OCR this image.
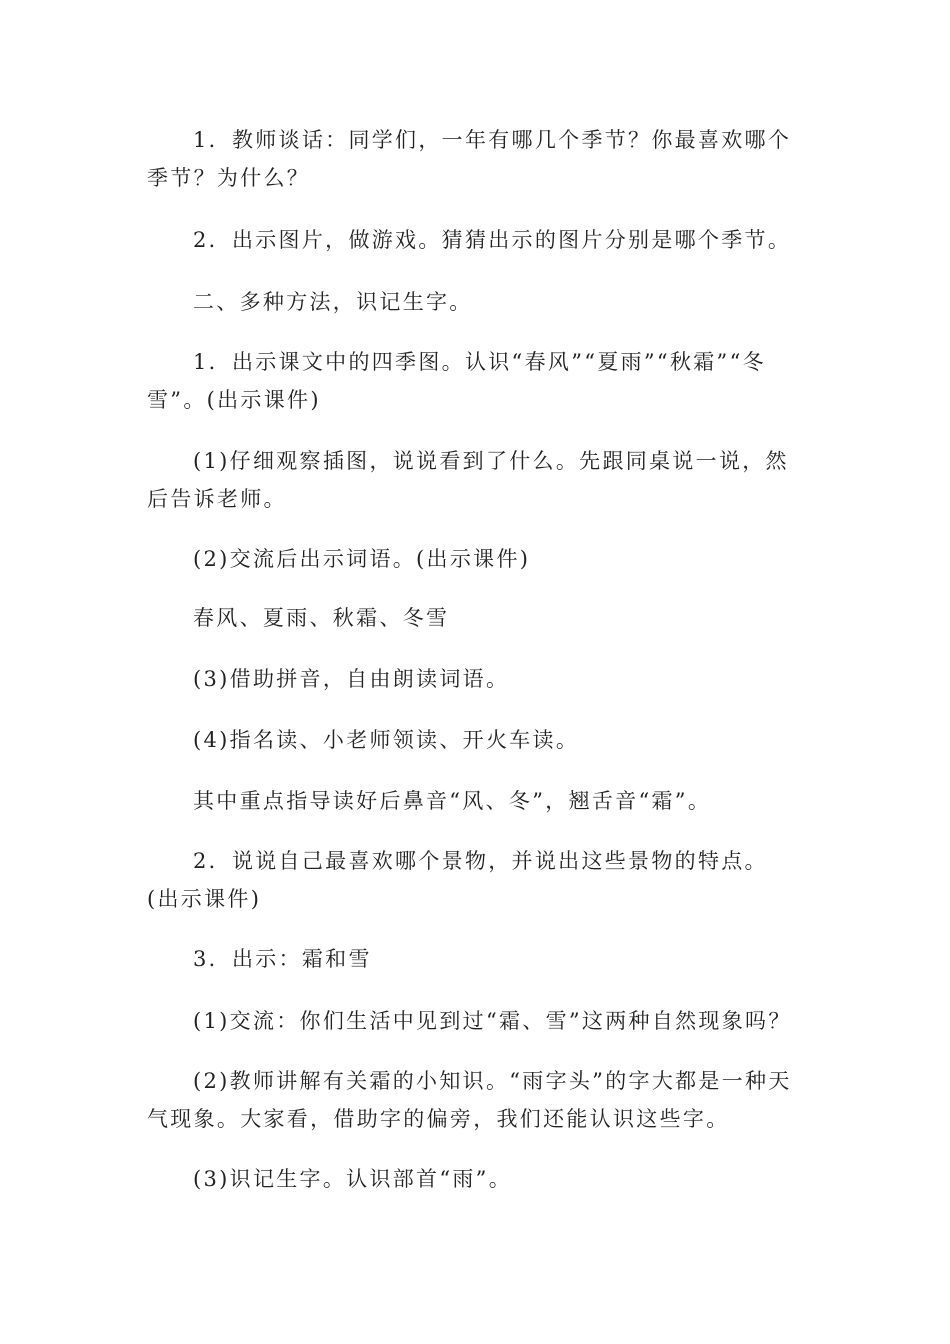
1．教师谈话：同学们，一年有哪几个季节？你最喜欢哪个季节？为什么？

2．出示图片，做游戏。猜猜出示的图片分别是哪个季节。

二、多种方法，识记生字。

1．出示课文中的四季图。认识“春风”“夏雨”“秋霜”“冬雪”。(出示课件)

(1)仔细观察插图，说说看到了什么。先跟同桌说一说，然后告诉老师。

(2)交流后出示词语。(出示课件)

春风、夏雨、秋霜、冬雪

(3)借助拼音，自由朗读词语。

(4)指名读、小老师领读、开火车读。

其中重点指导读好后鼻音“风、冬”，翘舌音“霜”。

2．说说自己最喜欢哪个景物，并说出这些景物的特点。(出示课件)

3．出示：霜和雪

(1)交流：你们生活中见到过“霜、雪”这两种自然现象吗？

(2)教师讲解有关霜的小知识。“雨字头”的字大都是一种天气现象。大家看，借助字的偏旁，我们还能认识这些字。

(3)识记生字。认识部首“雨”。
